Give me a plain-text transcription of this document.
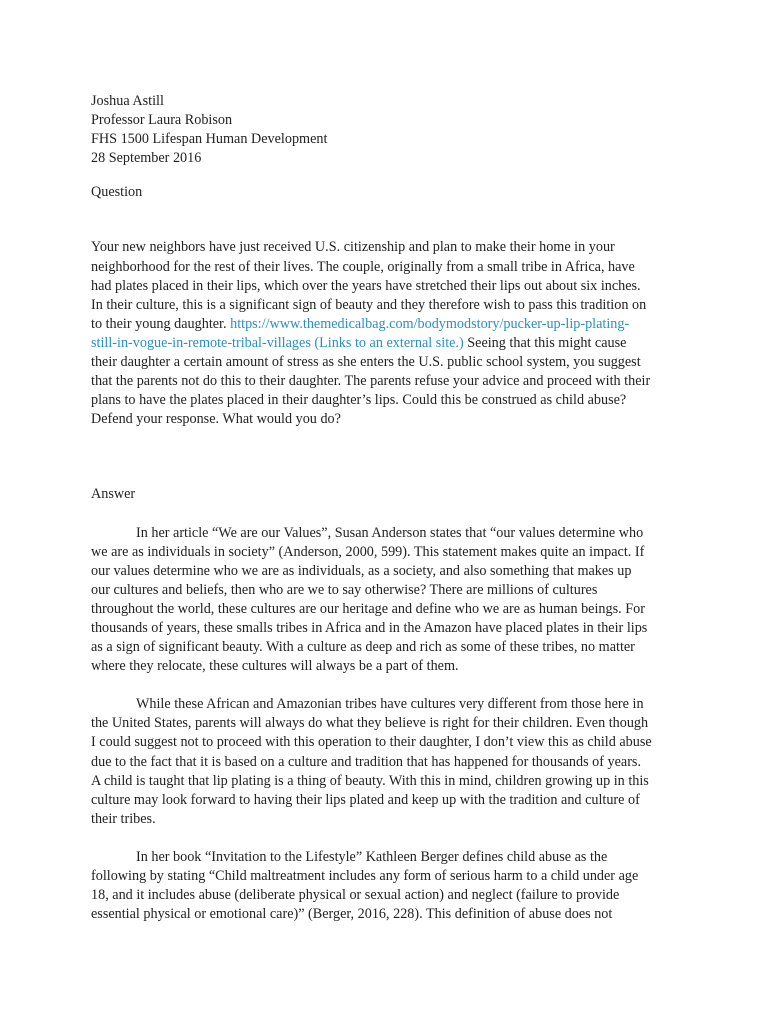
Joshua Astill

Professor Laura Robison

FHS 1500 Lifespan Human Development

28 September 2016

Question

Your new neighbors have just received U.S. citizenship and plan to make their home in your neighborhood for the rest of their lives. The couple, originally from a small tribe in Africa, have had plates placed in their lips, which over the years have stretched their lips out about six inches. In their culture, this is a significant sign of beauty and they therefore wish to pass this tradition on to their young daughter. https://www.themedicalbag.com/bodymodstory/pucker-up-lip-plating-still-in-vogue-in-remote-tribal-villages (Links to an external site.) Seeing that this might cause their daughter a certain amount of stress as she enters the U.S. public school system, you suggest that the parents not do this to their daughter. The parents refuse your advice and proceed with their plans to have the plates placed in their daughter’s lips. Could this be construed as child abuse? Defend your response. What would you do?

Answer

In her article “We are our Values”, Susan Anderson states that “our values determine who we are as individuals in society” (Anderson, 2000, 599). This statement makes quite an impact. If our values determine who we are as individuals, as a society, and also something that makes up our cultures and beliefs, then who are we to say otherwise? There are millions of cultures throughout the world, these cultures are our heritage and define who we are as human beings. For thousands of years, these smalls tribes in Africa and in the Amazon have placed plates in their lips as a sign of significant beauty. With a culture as deep and rich as some of these tribes, no matter where they relocate, these cultures will always be a part of them.

While these African and Amazonian tribes have cultures very different from those here in the United States, parents will always do what they believe is right for their children. Even though I could suggest not to proceed with this operation to their daughter, I don’t view this as child abuse due to the fact that it is based on a culture and tradition that has happened for thousands of years. A child is taught that lip plating is a thing of beauty. With this in mind, children growing up in this culture may look forward to having their lips plated and keep up with the tradition and culture of their tribes.

In her book “Invitation to the Lifestyle” Kathleen Berger defines child abuse as the following by stating “Child maltreatment includes any form of serious harm to a child under age 18, and it includes abuse (deliberate physical or sexual action) and neglect (failure to provide essential physical or emotional care)” (Berger, 2016, 228). This definition of abuse does not
